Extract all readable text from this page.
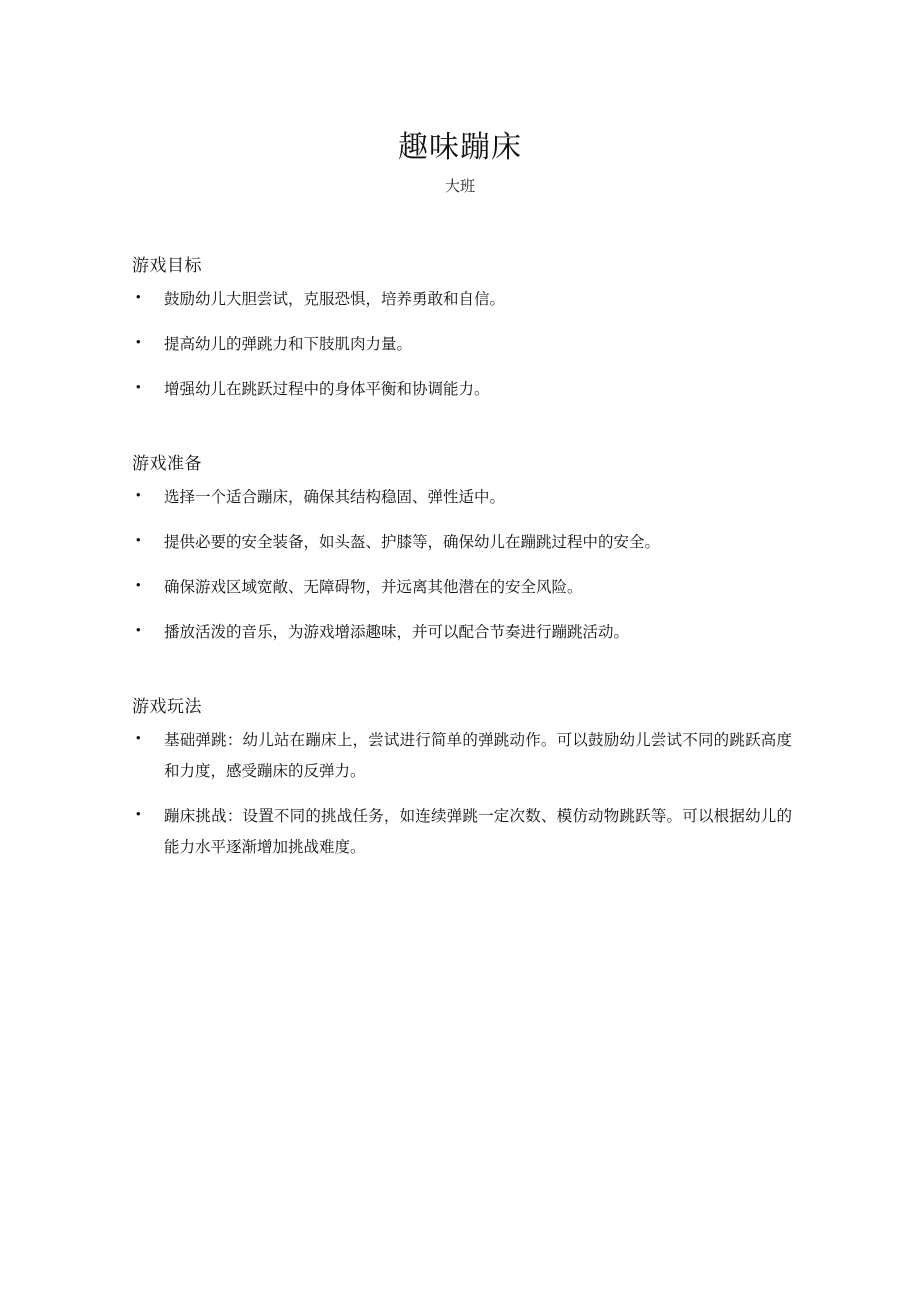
趣味蹦床
大班
游戏目标
• 鼓励幼儿大胆尝试，克服恐惧，培养勇敢和自信。
• 提高幼儿的弹跳力和下肢肌肉力量。
• 增强幼儿在跳跃过程中的身体平衡和协调能力。
游戏准备
• 选择一个适合蹦床，确保其结构稳固、弹性适中。
• 提供必要的安全装备，如头盔、护膝等，确保幼儿在蹦跳过程中的安全。
• 确保游戏区域宽敞、无障碍物，并远离其他潜在的安全风险。
• 播放活泼的音乐，为游戏增添趣味，并可以配合节奏进行蹦跳活动。
游戏玩法
• 基础弹跳：幼儿站在蹦床上，尝试进行简单的弹跳动作。可以鼓励幼儿尝试不同的跳跃高度和力度，感受蹦床的反弹力。
• 蹦床挑战：设置不同的挑战任务，如连续弹跳一定次数、模仿动物跳跃等。可以根据幼儿的能力水平逐渐增加挑战难度。
